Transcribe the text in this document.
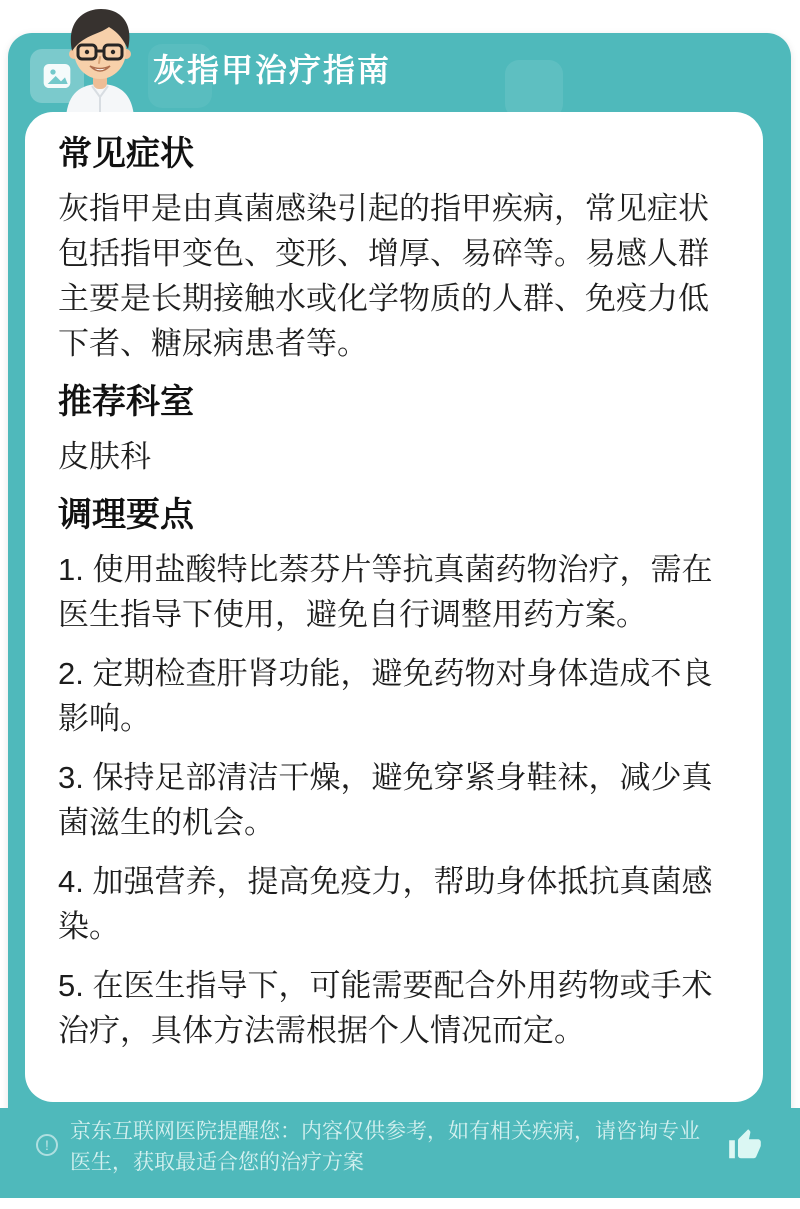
灰指甲治疗指南
常见症状

灰指甲是由真菌感染引起的指甲疾病，常见症状包括指甲变色、变形、增厚、易碎等。易感人群主要是长期接触水或化学物质的人群、免疫力低下者、糖尿病患者等。

推荐科室

皮肤科

调理要点

1. 使用盐酸特比萘芬片等抗真菌药物治疗，需在医生指导下使用，避免自行调整用药方案。

2. 定期检查肝肾功能，避免药物对身体造成不良影响。

3. 保持足部清洁干燥，避免穿紧身鞋袜，减少真菌滋生的机会。

4. 加强营养，提高免疫力，帮助身体抵抗真菌感染。

5. 在医生指导下，可能需要配合外用药物或手术治疗，具体方法需根据个人情况而定。

!

京东互联网医院提醒您：内容仅供参考，如有相关疾病，请咨询专业医生，获取最适合您的治疗方案
